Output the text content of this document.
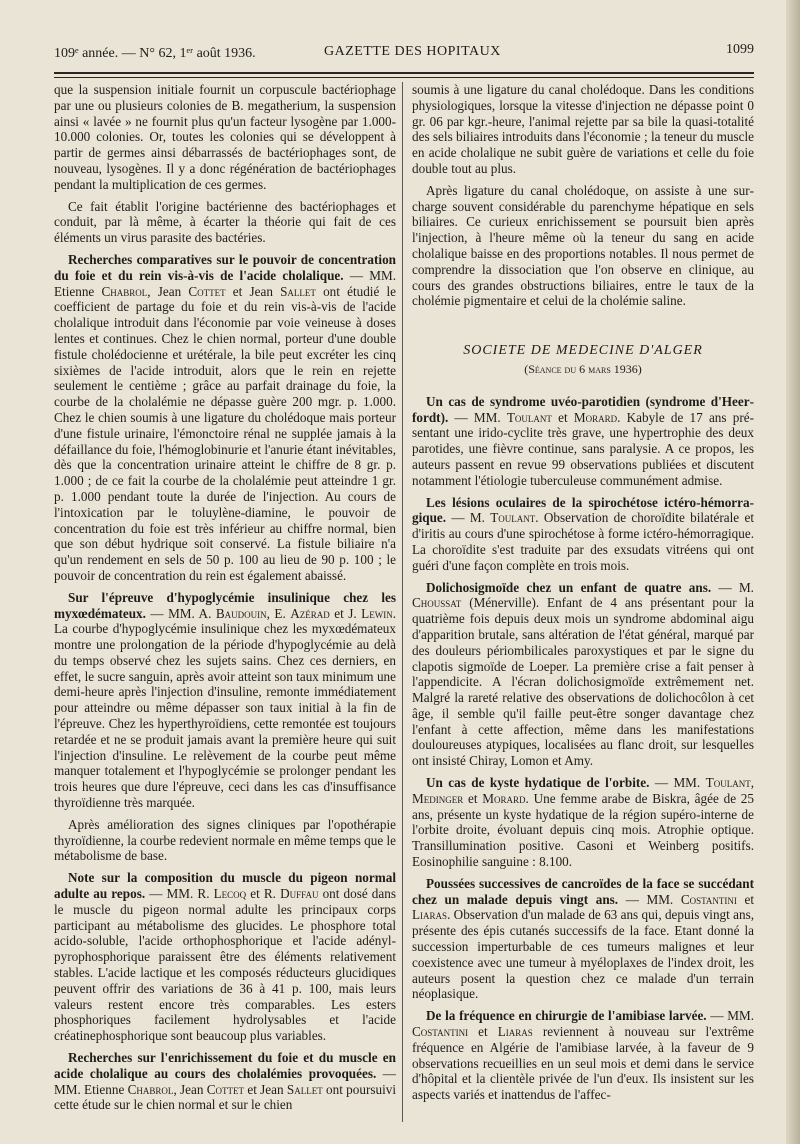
109ᵉ année. — N° 62, 1ᵉʳ août 1936.	GAZETTE DES HOPITAUX	1099

que la suspension initiale fournit un corpuscule bactériophage par une ou plusieurs colonies de B. megatherium, la suspension ainsi « lavée » ne fournit plus qu'un facteur lysogène par 1.000-10.000 colonies. Or, toutes les colonies qui se développent à partir de germes ainsi débarrassés de bactériophages sont, de nouveau, lysogènes. Il y a donc régénération de bactériophages pendant la multiplication de ces germes.

Ce fait établit l'origine bactérienne des bactériophages et conduit, par là même, à écarter la théorie qui fait de ces éléments un virus parasite des bactéries.

Recherches comparatives sur le pouvoir de concentration du foie et du rein vis-à-vis de l'acide cholalique. — MM. Etienne Chabrol, Jean Cottet et Jean Sallet ont étudié le coefficient de partage du foie et du rein vis-à-vis de l'acide cholalique introduit dans l'économie par voie veineuse à doses lentes et continues. Chez le chien normal, porteur d'une double fistule cholédocienne et urétérale, la bile peut excréter les cinq sixièmes de l'acide introduit, alors que le rein en rejette seulement le centième ; grâce au parfait drainage du foie, la courbe de la cholalémie ne dépasse guère 200 mgr. p. 1.000. Chez le chien soumis à une ligature du cholédoque mais porteur d'une fistule urinaire, l'émonctoire rénal ne supplée jamais à la défaillance du foie, l'hémoglobinurie et l'anurie étant inévitables, dès que la concentration urinaire atteint le chiffre de 8 gr. p. 1.000 ; de ce fait la courbe de la cholalémie peut atteindre 1 gr. p. 1.000 pendant toute la durée de l'injection. Au cours de l'intoxication par le toluylène-diamine, le pouvoir de concentration du foie est très inférieur au chiffre normal, bien que son début hydrique soit conservé. La fistule biliaire n'a qu'un rendement en sels de 50 p. 100 au lieu de 90 p. 100 ; le pouvoir de concentration du rein est également abaissé.

Sur l'épreuve d'hypoglycémie insulinique chez les myxœdémateux. — MM. A. Baudouin, E. Azérad et J. Lewin. La courbe d'hypoglycémie insulinique chez les myxœdémateux montre une prolongation de la période d'hypoglycémie au delà du temps observé chez les sujets sains. Chez ces derniers, en effet, le sucre sanguin, après avoir atteint son taux minimum une demi-heure après l'injection d'insuline, remonte immédiatement pour atteindre ou même dépasser son taux initial à la fin de l'épreuve. Chez les hyperthyroïdiens, cette remontée est toujours retardée et ne se produit jamais avant la première heure qui suit l'injection d'insuline. Le relèvement de la courbe peut même manquer totalement et l'hypoglycémie se prolonger pendant les trois heures que dure l'épreuve, ceci dans les cas d'insuffisance thyroïdienne très marquée.

Après amélioration des signes cliniques par l'opothérapie thyroïdienne, la courbe redevient normale en même temps que le métabolisme de base.

Note sur la composition du muscle du pigeon normal adulte au repos. — MM. R. Lecoq et R. Duffau ont dosé dans le muscle du pigeon normal adulte les principaux corps participant au métabolisme des glucides. Le phosphore total acido-soluble, l'acide orthophosphorique et l'acide adénylpyrophosphorique paraissent être des éléments relativement stables. L'acide lactique et les composés réducteurs glucidiques peuvent offrir des variations de 36 à 41 p. 100, mais leurs valeurs restent encore très comparables. Les esters phosphoriques facilement hydrolysables et l'acide créatinephosphorique sont beaucoup plus variables.

Recherches sur l'enrichissement du foie et du muscle en acide cholalique au cours des cholalémies provoquées. — MM. Etienne Chabrol, Jean Cottet et Jean Sallet ont poursuivi cette étude sur le chien normal et sur le chien

soumis à une ligature du canal cholédoque. Dans les conditions physiologiques, lorsque la vitesse d'injection ne dépasse point 0 gr. 06 par kgr.-heure, l'animal rejette par sa bile la quasi-totalité des sels biliaires introduits dans l'économie ; la teneur du muscle en acide cholalique ne subit guère de variations et celle du foie double tout au plus.

Après ligature du canal cholédoque, on assiste à une surcharge souvent considérable du parenchyme hépatique en sels biliaires. Ce curieux enrichissement se poursuit bien après l'injection, à l'heure même où la teneur du sang en acide cholalique baisse en des proportions notables. Il nous permet de comprendre la dissociation que l'on observe en clinique, au cours des grandes obstructions biliaires, entre le taux de la cholémie pigmentaire et celui de la cholémie saline.

SOCIETE DE MEDECINE D'ALGER
(Séance du 6 mars 1936)

Un cas de syndrome uvéo-parotidien (syndrome d'Heerfordt). — MM. Toulant et Morard. Kabyle de 17 ans présentant une irido-cyclite très grave, une hypertrophie des deux parotides, une fièvre continue, sans paralysie. A ce propos, les auteurs passent en revue 99 observations publiées et discutent notamment l'étiologie tuberculeuse communément admise.

Les lésions oculaires de la spirochétose ictéro-hémorragique. — M. Toulant. Observation de choroïdite bilatérale et d'iritis au cours d'une spirochétose à forme ictéro-hémorragique. La choroïdite s'est traduite par des exsudats vitréens qui ont guéri d'une façon complète en trois mois.

Dolichosigmoïde chez un enfant de quatre ans. — M. Choussat (Ménerville). Enfant de 4 ans présentant pour la quatrième fois depuis deux mois un syndrome abdominal aigu d'apparition brutale, sans altération de l'état général, marqué par des douleurs périombilicales paroxystiques et par le signe du clapotis sigmoïde de Loeper. La première crise a fait penser à l'appendicite. A l'écran dolichosigmoïde extrêmement net. Malgré la rareté relative des observations de dolichocôlon à cet âge, il semble qu'il faille peut-être songer davantage chez l'enfant à cette affection, même dans les manifestations douloureuses atypiques, localisées au flanc droit, sur lesquelles ont insisté Chiray, Lomon et Amy.

Un cas de kyste hydatique de l'orbite. — MM. Toulant, Medinger et Morard. Une femme arabe de Biskra, âgée de 25 ans, présente un kyste hydatique de la région supéro-interne de l'orbite droite, évoluant depuis cinq mois. Atrophie optique. Transillumination positive. Casoni et Weinberg positifs. Eosinophilie sanguine : 8.100.

Poussées successives de cancroïdes de la face se succédant chez un malade depuis vingt ans. — MM. Costantini et Liaras. Observation d'un malade de 63 ans qui, depuis vingt ans, présente des épis cutanés successifs de la face. Etant donné la succession imperturbable de ces tumeurs malignes et leur coexistence avec une tumeur à myéloplaxes de l'index droit, les auteurs posent la question chez ce malade d'un terrain néoplasique.

De la fréquence en chirurgie de l'amibiase larvée. — MM. Costantini et Liaras reviennent à nouveau sur l'extrême fréquence en Algérie de l'amibiase larvée, à la faveur de 9 observations recueillies en un seul mois et demi dans le service d'hôpital et la clientèle privée de l'un d'eux. Ils insistent sur les aspects variés et inattendus de l'affec-
